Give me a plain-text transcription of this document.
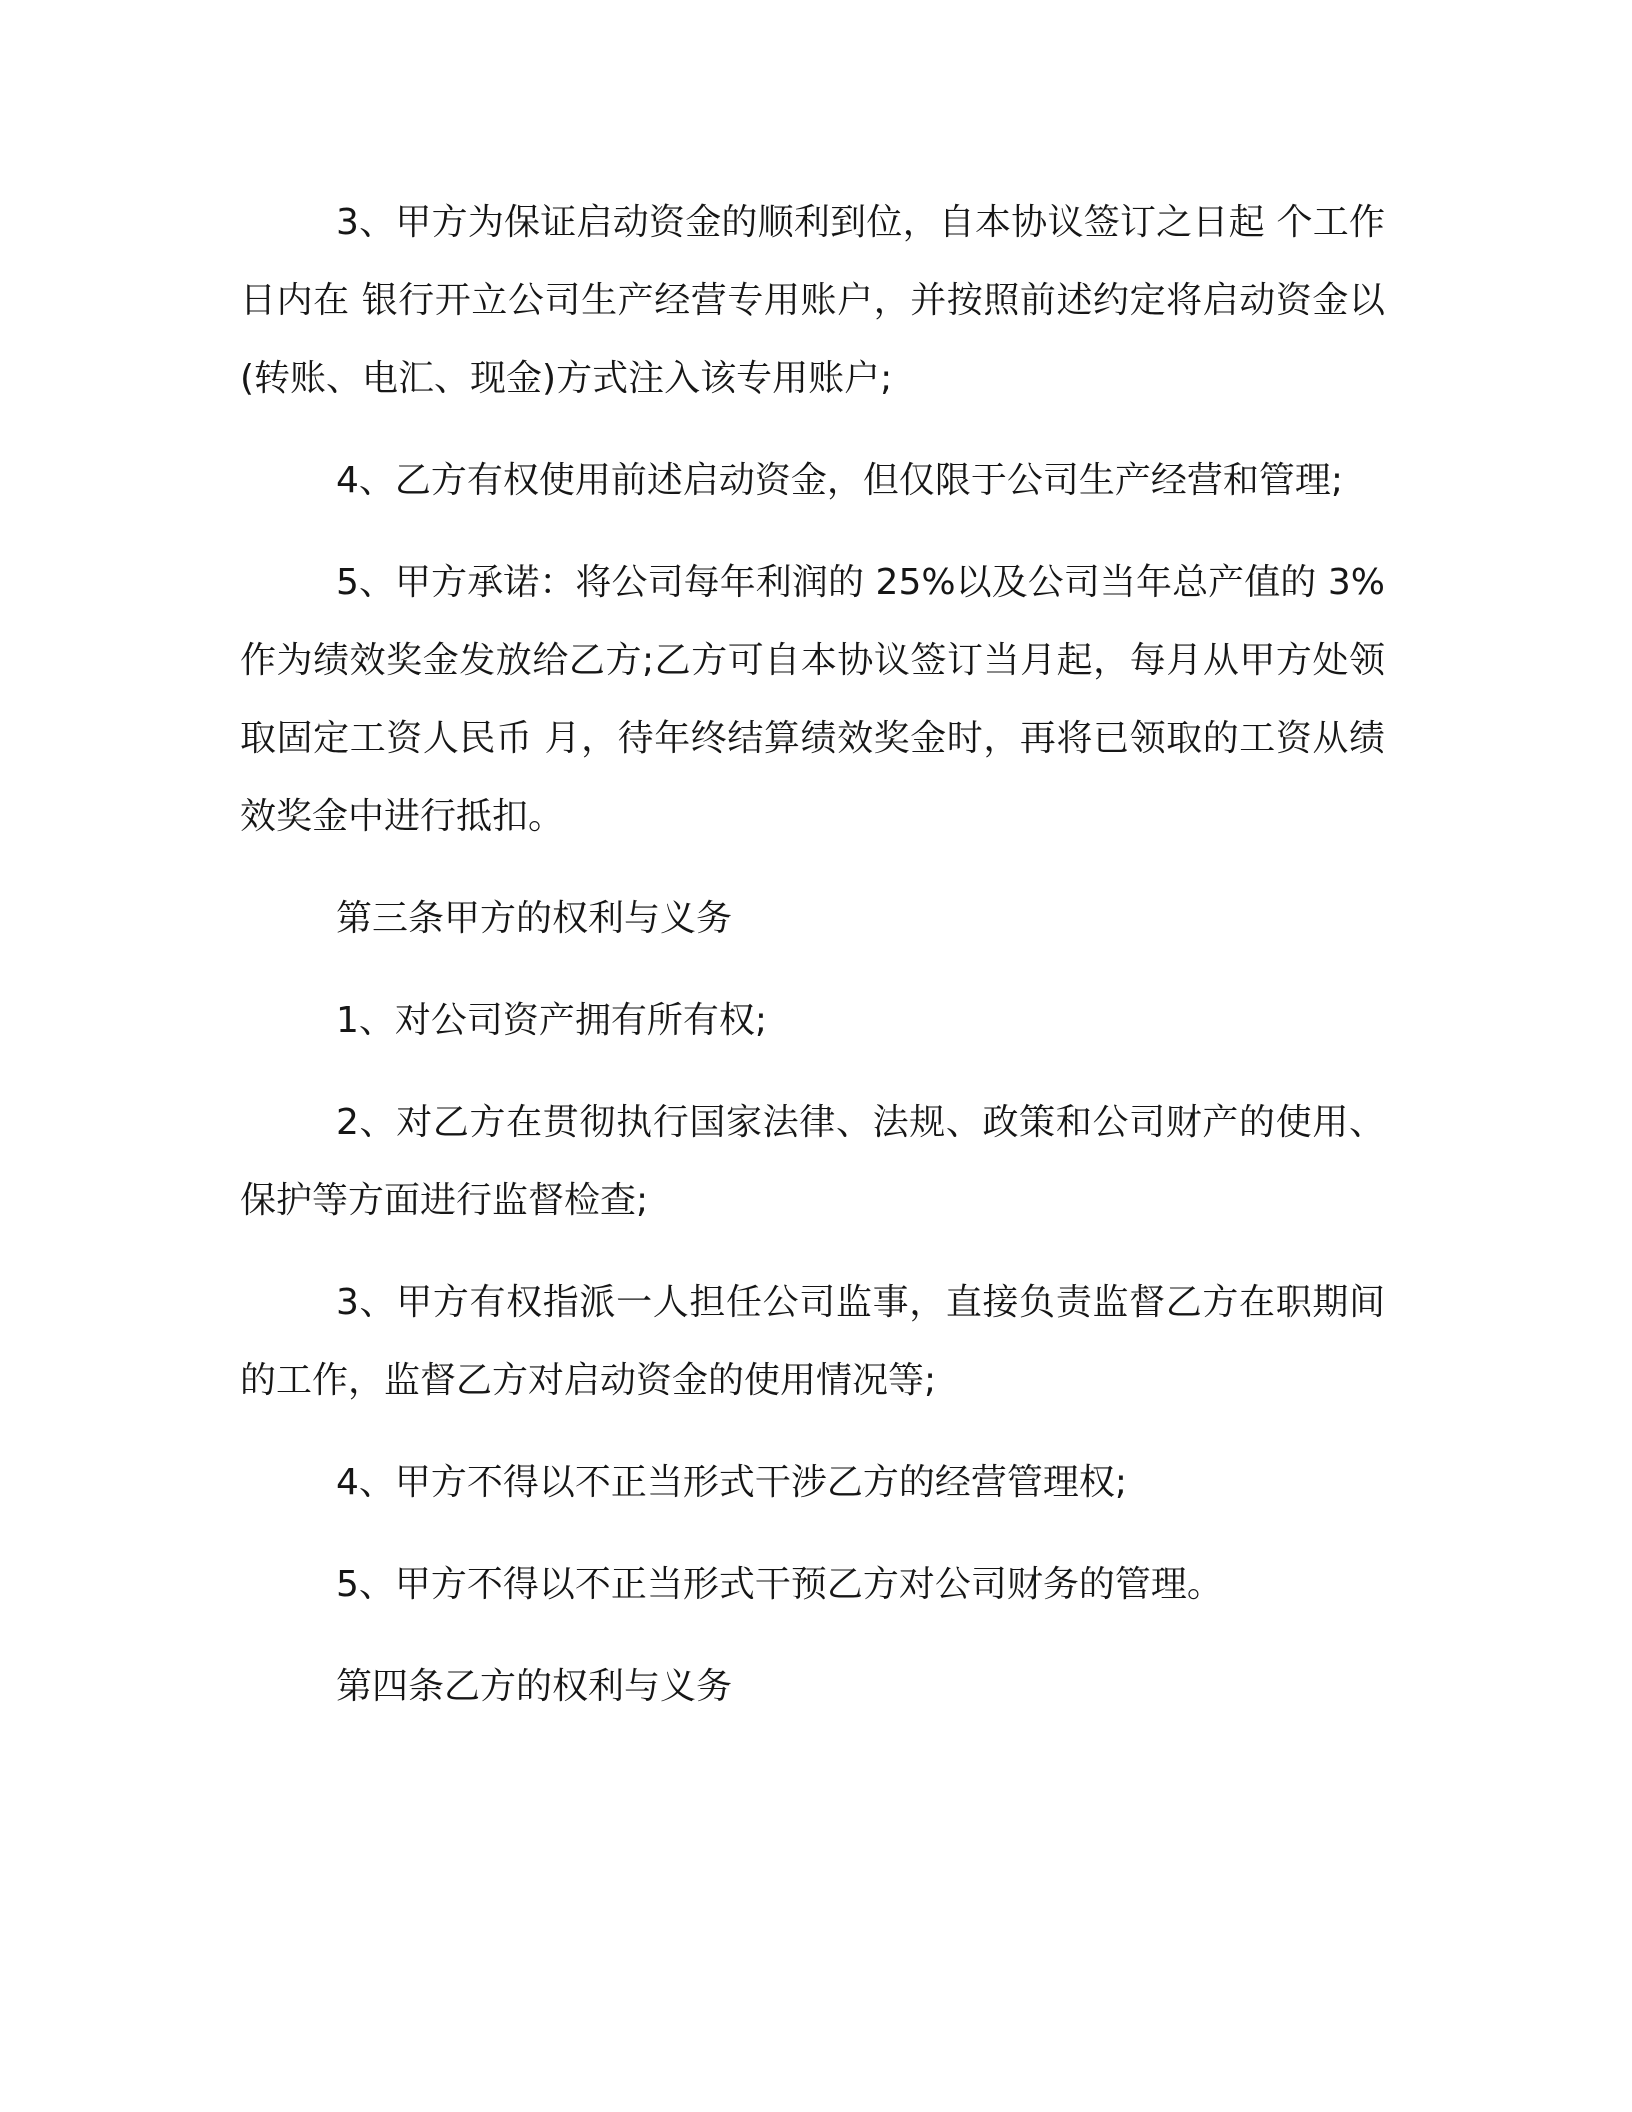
3、甲方为保证启动资金的顺利到位，自本协议签订之日起 个工作日内在 银行开立公司生产经营专用账户，并按照前述约定将启动资金以(转账、电汇、现金)方式注入该专用账户;

4、乙方有权使用前述启动资金，但仅限于公司生产经营和管理;

5、甲方承诺：将公司每年利润的 25%以及公司当年总产值的 3%作为绩效奖金发放给乙方;乙方可自本协议签订当月起，每月从甲方处领取固定工资人民币 月，待年终结算绩效奖金时，再将已领取的工资从绩效奖金中进行抵扣。

第三条甲方的权利与义务

1、对公司资产拥有所有权;

2、对乙方在贯彻执行国家法律、法规、政策和公司财产的使用、保护等方面进行监督检查;

3、甲方有权指派一人担任公司监事，直接负责监督乙方在职期间的工作，监督乙方对启动资金的使用情况等;

4、甲方不得以不正当形式干涉乙方的经营管理权;

5、甲方不得以不正当形式干预乙方对公司财务的管理。

第四条乙方的权利与义务
